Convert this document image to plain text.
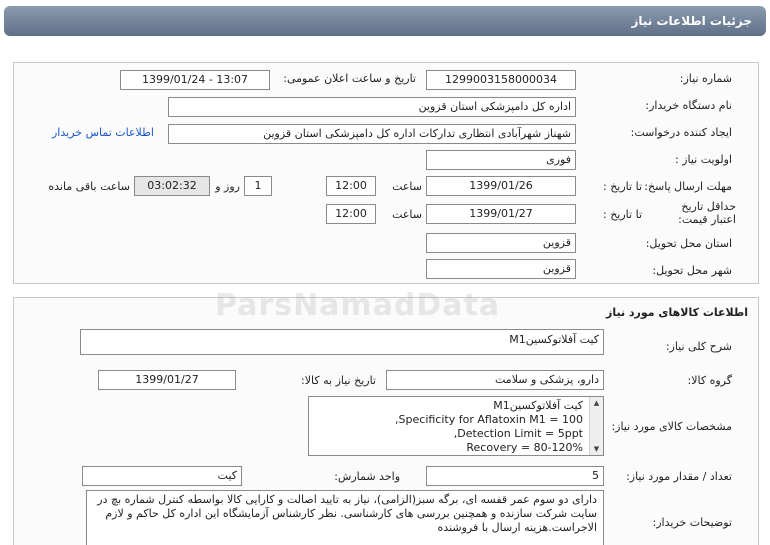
جزئیات اطلاعات نیاز
شماره نیاز:
1299003158000034
تاریخ و ساعت اعلان عمومی:
1399/01/24 - 13:07
نام دستگاه خریدار:
اداره کل دامپزشکی استان قزوین
ایجاد کننده درخواست:
شهناز شهرآبادی انتظاری تدارکات اداره کل دامپزشکی استان قزوین
اطلاعات تماس خریدار
اولویت نیاز :
فوری
مهلت ارسال پاسخ:
تا تاریخ :
1399/01/26
ساعت
12:00
1
روز و
03:02:32
ساعت باقی مانده
حداقل تاریخ اعتبار قیمت:
تا تاریخ :
1399/01/27
ساعت
12:00
استان محل تحویل:
قزوین
شهر محل تحویل:
قزوین
اطلاعات کالاهای مورد نیاز
شرح کلی نیاز:
کیت آفلاتوکسینM1
گروه کالا:
دارو، پزشکی و سلامت
تاریخ نیاز به کالا:
1399/01/27
مشخصات کالای مورد نیاز:
کیت آفلاتوکسینM1
Specificity for Aflatoxin M1 = 100,
Detection Limit = 5ppt,
Recovery = 80-120%
▲
▼
واحد شمارش:
کیت	تعداد / مقدار مورد نیاز:
5
توضیحات خریدار:
دارای دو سوم عمر قفسه ای، برگه سبز(الزامی)، نیاز به تایید اصالت و کارایی کالا بواسطه کنترل شماره بچ در سایت شرکت سازنده و همچنین بررسی های کارشناسی. نظر کارشناس آزمایشگاه این اداره کل حاکم و لازم الاجراست.هزینه ارسال با فروشنده
ParsNamadData
